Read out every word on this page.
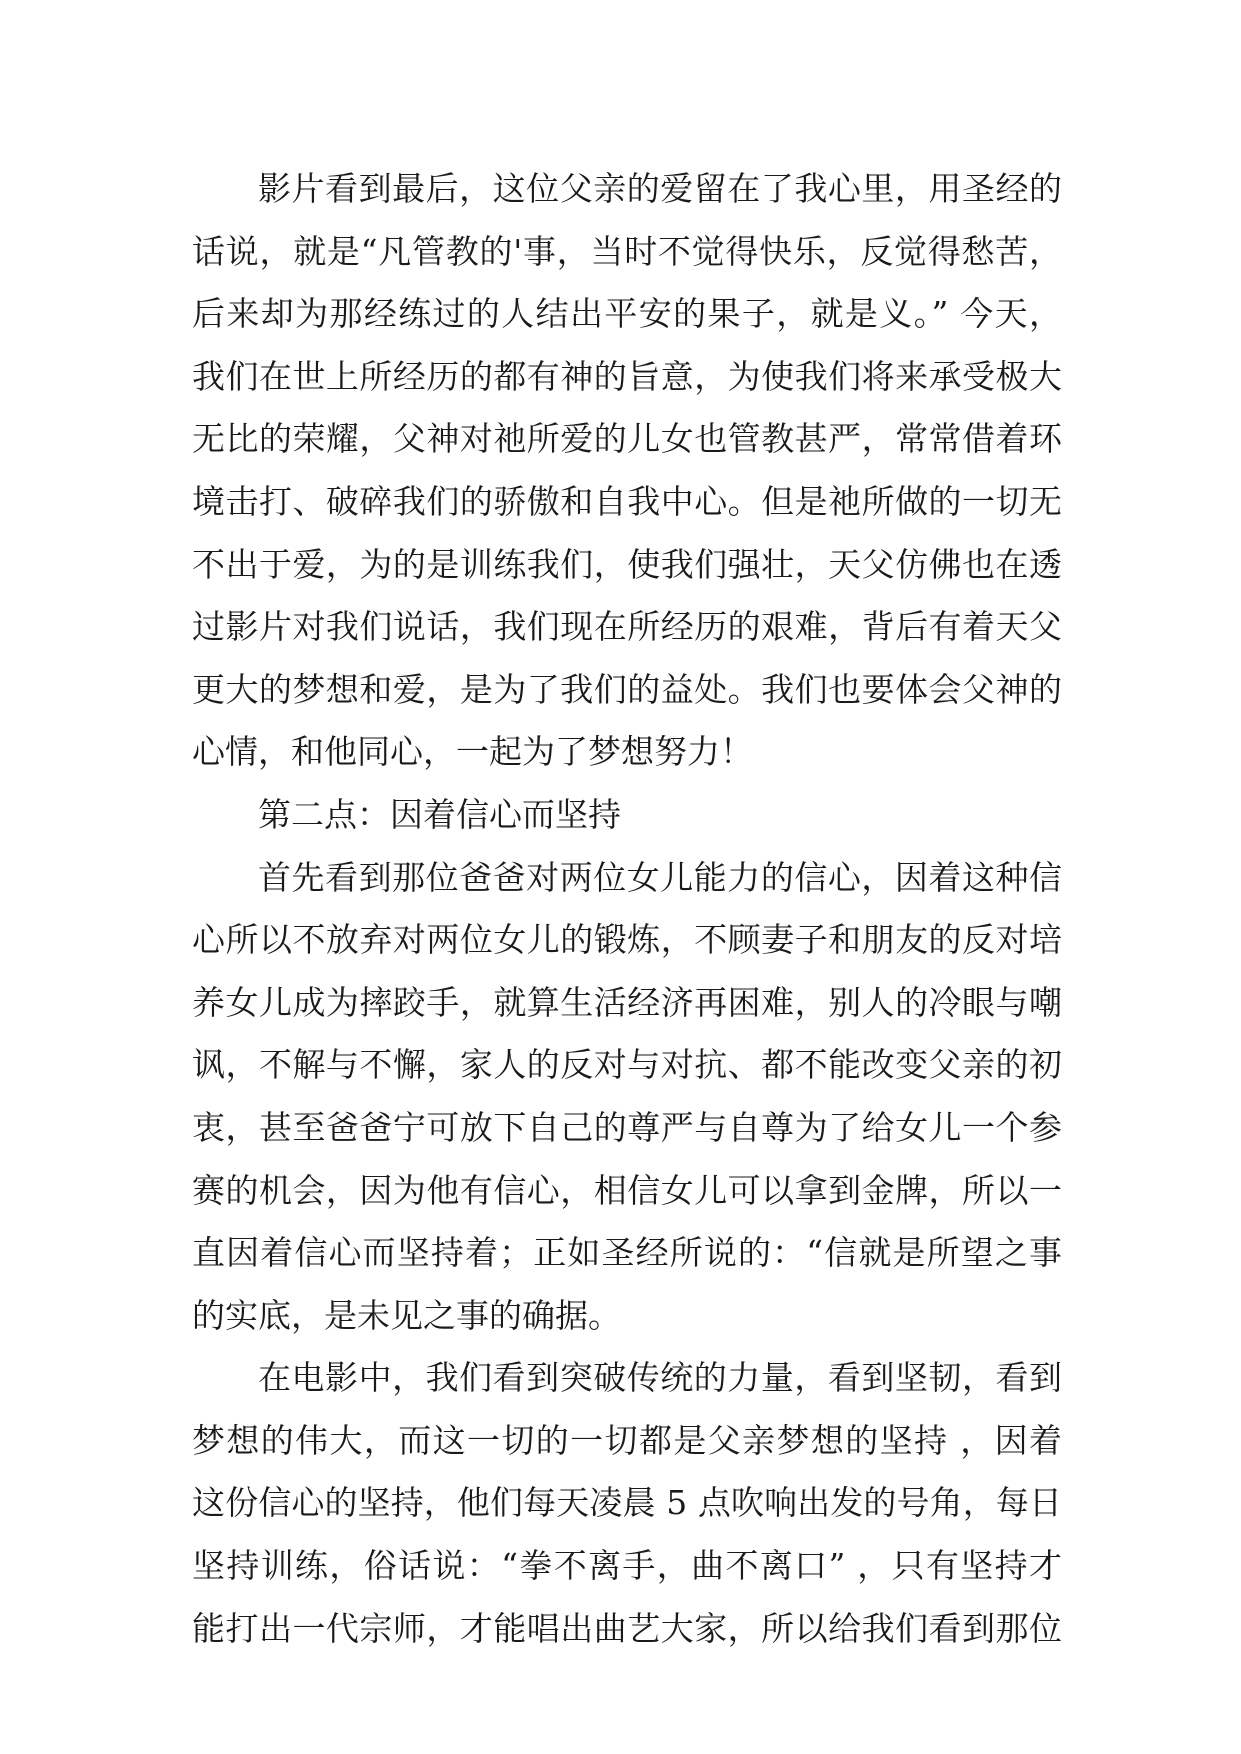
影片看到最后，这位父亲的爱留在了我心里，用圣经的
话说，就是“凡管教的'事，当时不觉得快乐，反觉得愁苦，
后来却为那经练过的人结出平安的果子，就是义。” 今天，
我们在世上所经历的都有神的旨意，为使我们将来承受极大
无比的荣耀，父神对祂所爱的儿女也管教甚严，常常借着环
境击打、破碎我们的骄傲和自我中心。但是祂所做的一切无
不出于爱，为的是训练我们，使我们强壮，天父仿佛也在透
过影片对我们说话，我们现在所经历的艰难，背后有着天父
更大的梦想和爱，是为了我们的益处。我们也要体会父神的
心情，和他同心，一起为了梦想努力！
第二点：因着信心而坚持
首先看到那位爸爸对两位女儿能力的信心，因着这种信
心所以不放弃对两位女儿的锻炼，不顾妻子和朋友的反对培
养女儿成为摔跤手，就算生活经济再困难，别人的冷眼与嘲
讽，不解与不懈，家人的反对与对抗、都不能改变父亲的初
衷，甚至爸爸宁可放下自己的尊严与自尊为了给女儿一个参
赛的机会，因为他有信心，相信女儿可以拿到金牌，所以一
直因着信心而坚持着；正如圣经所说的：“信就是所望之事
的实底，是未见之事的确据。
在电影中，我们看到突破传统的力量，看到坚韧，看到
梦想的伟大，而这一切的一切都是父亲梦想的坚持 ，因着
这份信心的坚持，他们每天凌晨 5 点吹响出发的号角，每日
坚持训练，俗话说：“拳不离手，曲不离口” ，只有坚持才
能打出一代宗师，才能唱出曲艺大家，所以给我们看到那位
